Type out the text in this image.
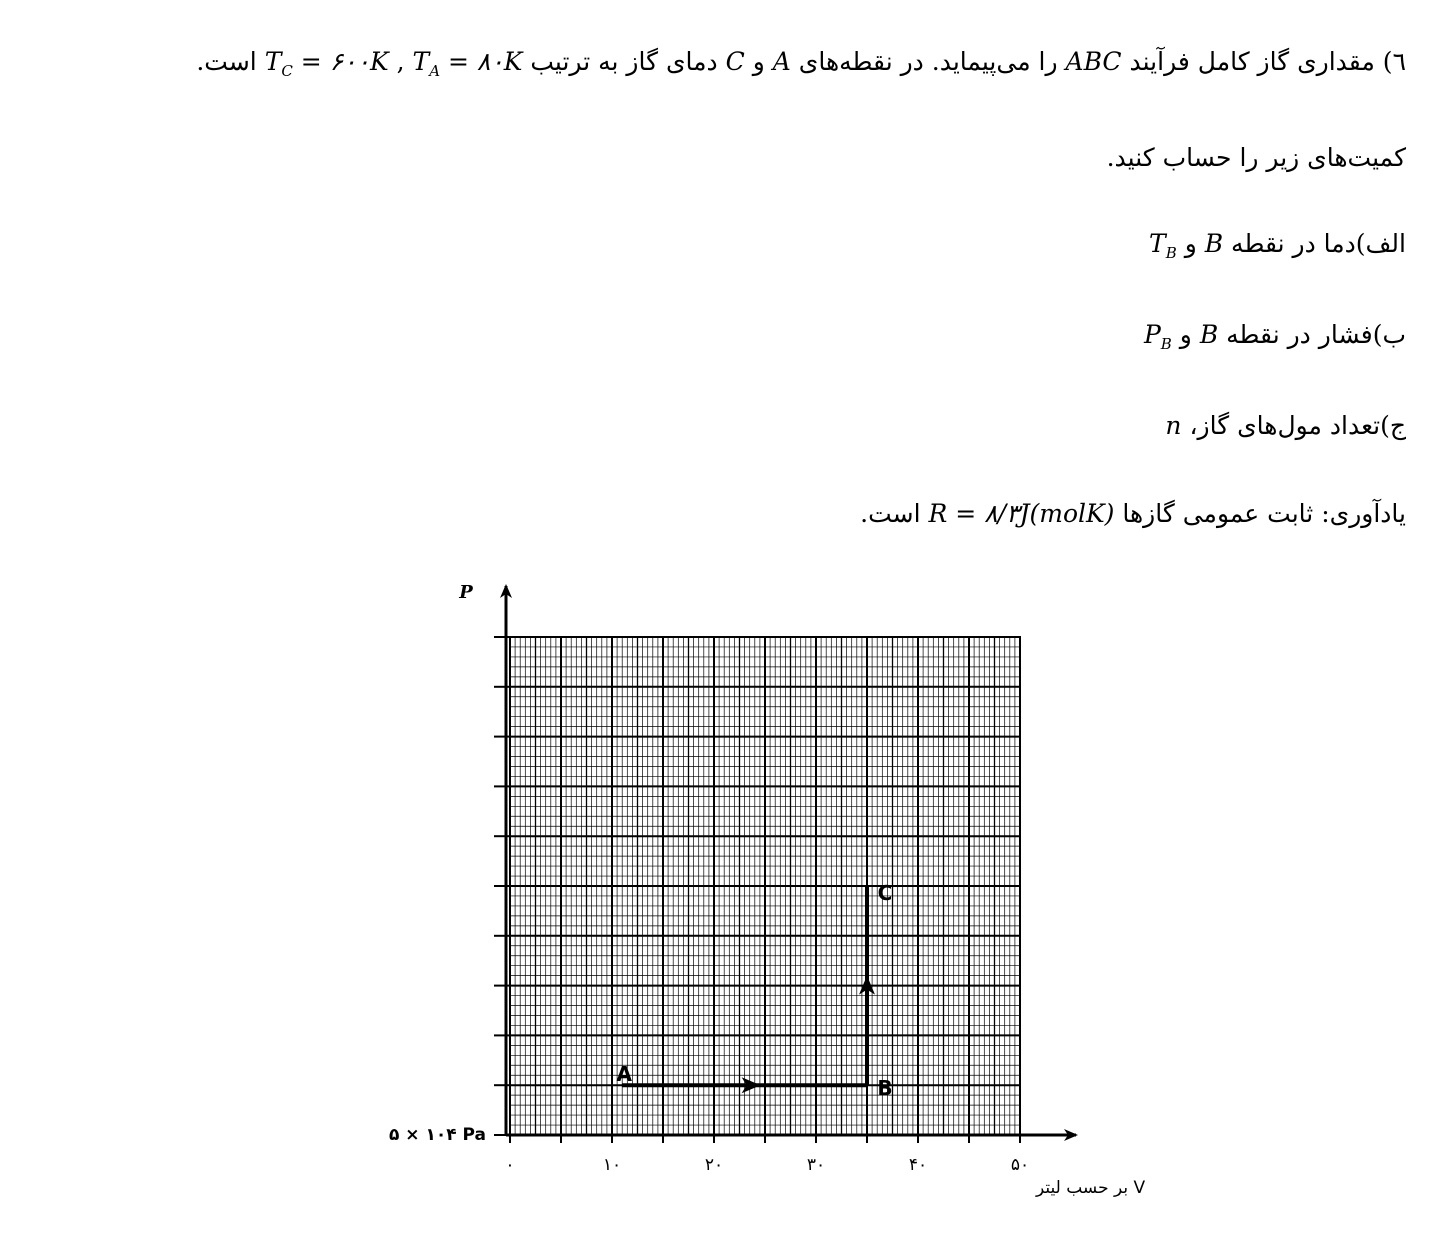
٦) مقداری گاز کامل فرآیند ABC را می‌پیماید. در نقطه‌های A و C دمای گاز به ترتیب $T_A$ = ۸۰K , $T_C$ = ۶۰۰K است.
کمیت‌های زیر را حساب کنید.
الف)دما در نقطه B و $T_B$
ب)فشار در نقطه B و $P_B$
ج)تعداد مول‌های گاز، n
یادآوری: ثابت عمومی گازها R = ۸/۳J(molK) است.
A
B
C
۰	۱۰	۲۰	۳۰	۴۰	۵۰
P
V بر حسب لیتر
۵ × ۱۰۴ Pa
